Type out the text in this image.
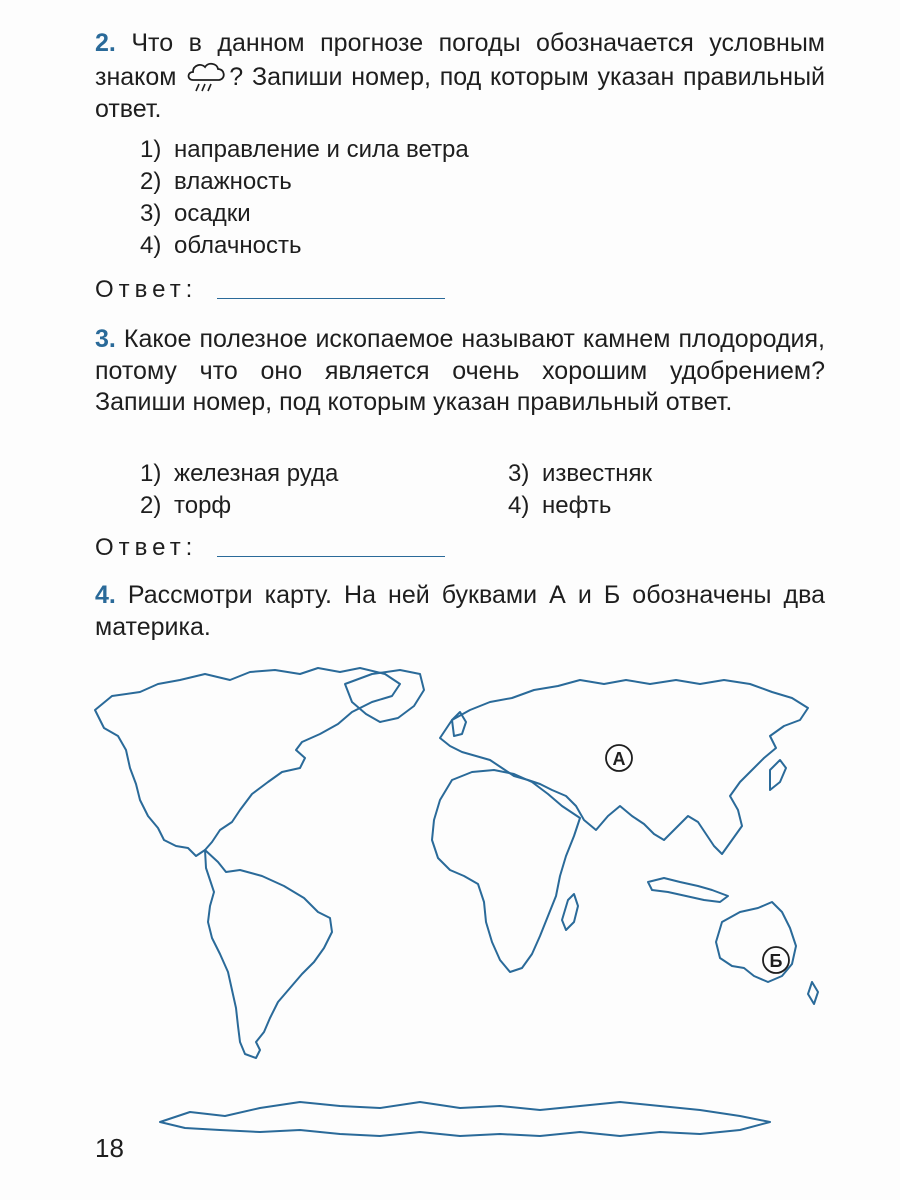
2. Что в данном прогнозе погоды обозначается условным знаком ? Запиши номер, под которым указан правильный ответ.
1) направление и сила ветра
2) влажность
3) осадки
4) облачность
Ответ:
3. Какое полезное ископаемое называют камнем плодородия, потому что оно является очень хорошим удобрением? Запиши номер, под которым указан правильный ответ.
1) железная руда
2) торф
3) известняк
4) нефть
Ответ:
4. Рассмотри карту. На ней буквами А и Б обозначены два материка.
А
Б
18
